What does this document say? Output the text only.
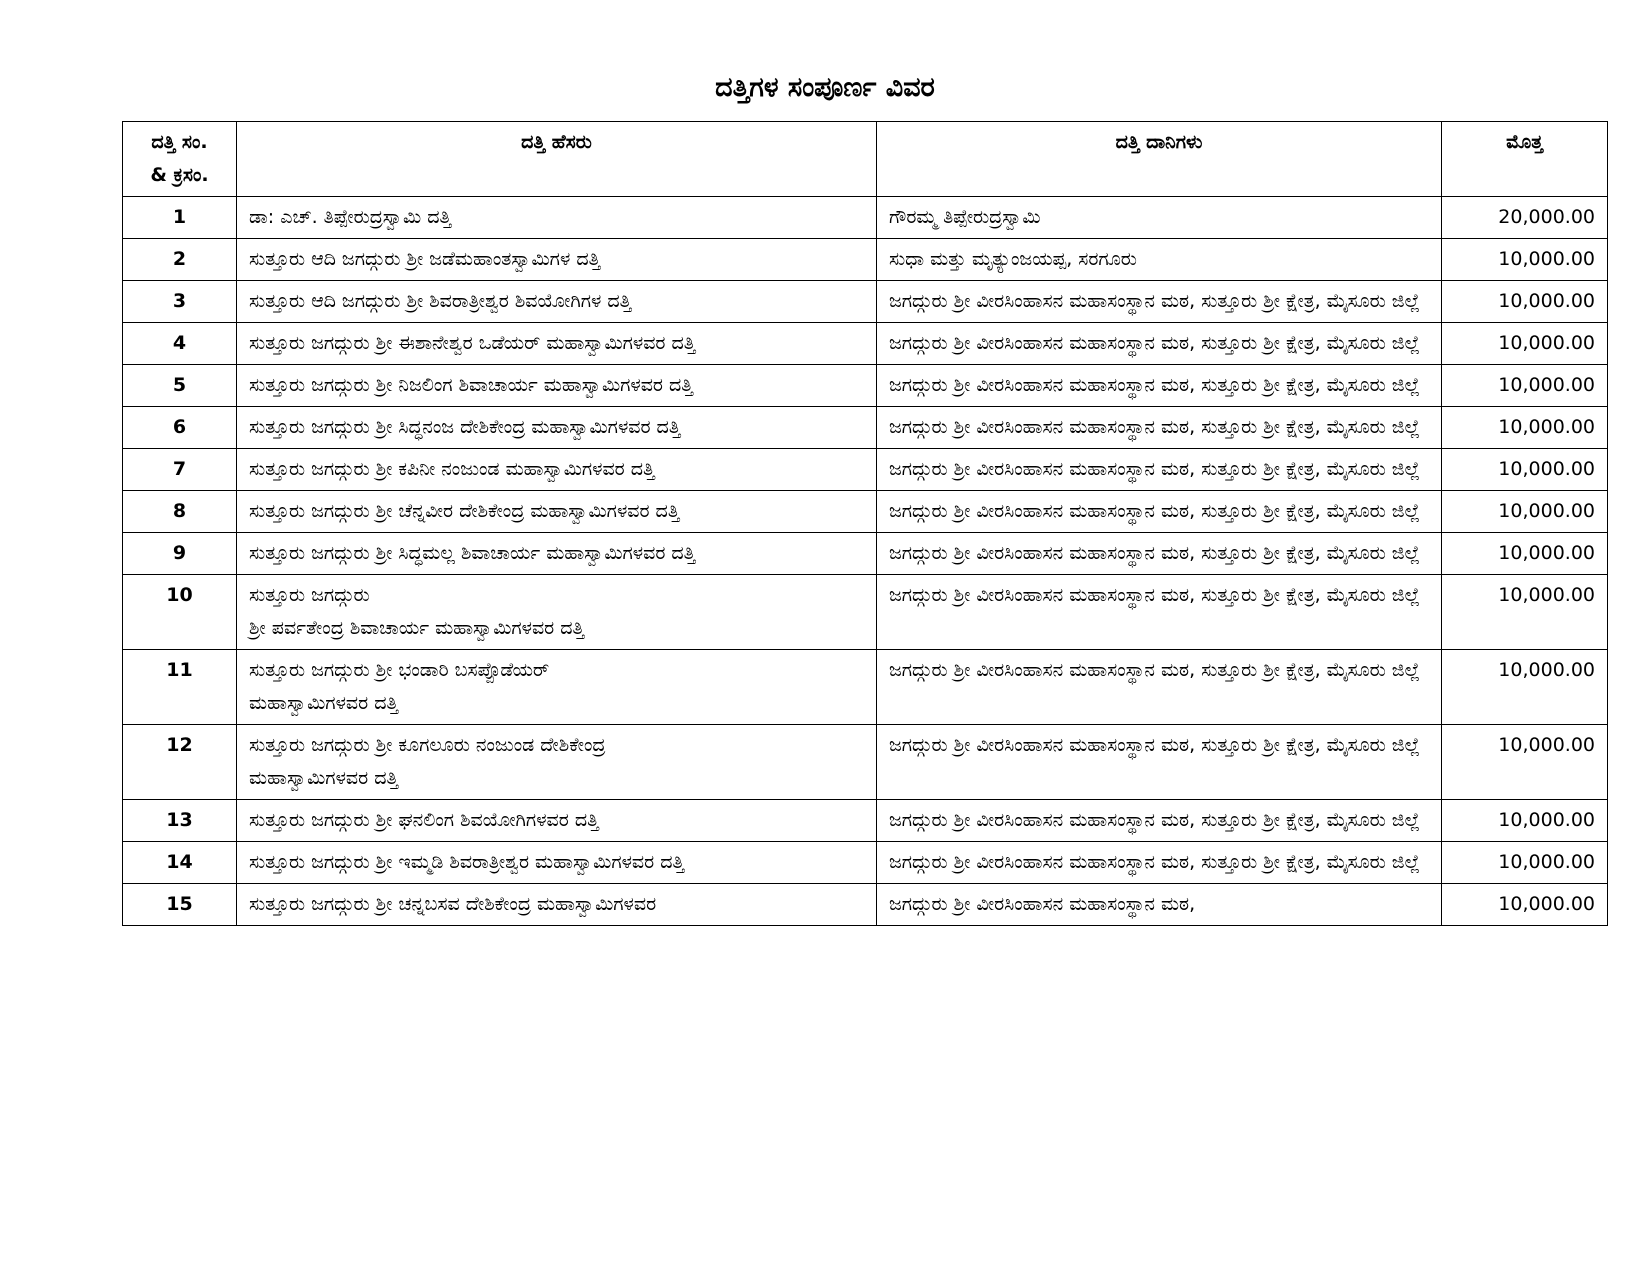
ದತ್ತಿಗಳ ಸಂಪೂರ್ಣ ವಿವರ
ದತ್ತಿ ಸಂ.
& ಕ್ರಸಂ.	ದತ್ತಿ ಹೆಸರು	ದತ್ತಿ ದಾನಿಗಳು	ಮೊತ್ತ
1	ಡಾ: ಎಚ್. ತಿಪ್ಪೇರುದ್ರಸ್ವಾಮಿ ದತ್ತಿ	ಗೌರಮ್ಮ ತಿಪ್ಪೇರುದ್ರಸ್ವಾಮಿ	20,000.00
2	ಸುತ್ತೂರು ಆದಿ ಜಗದ್ಗುರು ಶ್ರೀ ಜಡೆಮಹಾಂತಸ್ವಾಮಿಗಳ ದತ್ತಿ	ಸುಧಾ ಮತ್ತು ಮೃತ್ಯುಂಜಯಪ್ಪ, ಸರಗೂರು	10,000.00
3	ಸುತ್ತೂರು ಆದಿ ಜಗದ್ಗುರು ಶ್ರೀ ಶಿವರಾತ್ರೀಶ್ವರ ಶಿವಯೋಗಿಗಳ ದತ್ತಿ	ಜಗದ್ಗುರು ಶ್ರೀ ವೀರಸಿಂಹಾಸನ ಮಹಾಸಂಸ್ಥಾನ ಮಠ, ಸುತ್ತೂರು ಶ್ರೀ ಕ್ಷೇತ್ರ, ಮೈಸೂರು ಜಿಲ್ಲೆ	10,000.00
4	ಸುತ್ತೂರು ಜಗದ್ಗುರು ಶ್ರೀ ಈಶಾನೇಶ್ವರ ಒಡೆಯರ್ ಮಹಾಸ್ವಾಮಿಗಳವರ ದತ್ತಿ	ಜಗದ್ಗುರು ಶ್ರೀ ವೀರಸಿಂಹಾಸನ ಮಹಾಸಂಸ್ಥಾನ ಮಠ, ಸುತ್ತೂರು ಶ್ರೀ ಕ್ಷೇತ್ರ, ಮೈಸೂರು ಜಿಲ್ಲೆ	10,000.00
5	ಸುತ್ತೂರು ಜಗದ್ಗುರು ಶ್ರೀ ನಿಜಲಿಂಗ ಶಿವಾಚಾರ್ಯ ಮಹಾಸ್ವಾಮಿಗಳವರ ದತ್ತಿ	ಜಗದ್ಗುರು ಶ್ರೀ ವೀರಸಿಂಹಾಸನ ಮಹಾಸಂಸ್ಥಾನ ಮಠ, ಸುತ್ತೂರು ಶ್ರೀ ಕ್ಷೇತ್ರ, ಮೈಸೂರು ಜಿಲ್ಲೆ	10,000.00
6	ಸುತ್ತೂರು ಜಗದ್ಗುರು ಶ್ರೀ ಸಿದ್ಧನಂಜ ದೇಶಿಕೇಂದ್ರ ಮಹಾಸ್ವಾಮಿಗಳವರ ದತ್ತಿ	ಜಗದ್ಗುರು ಶ್ರೀ ವೀರಸಿಂಹಾಸನ ಮಹಾಸಂಸ್ಥಾನ ಮಠ, ಸುತ್ತೂರು ಶ್ರೀ ಕ್ಷೇತ್ರ, ಮೈಸೂರು ಜಿಲ್ಲೆ	10,000.00
7	ಸುತ್ತೂರು ಜಗದ್ಗುರು ಶ್ರೀ ಕಪಿನೀ ನಂಜುಂಡ ಮಹಾಸ್ವಾಮಿಗಳವರ ದತ್ತಿ	ಜಗದ್ಗುರು ಶ್ರೀ ವೀರಸಿಂಹಾಸನ ಮಹಾಸಂಸ್ಥಾನ ಮಠ, ಸುತ್ತೂರು ಶ್ರೀ ಕ್ಷೇತ್ರ, ಮೈಸೂರು ಜಿಲ್ಲೆ	10,000.00
8	ಸುತ್ತೂರು ಜಗದ್ಗುರು ಶ್ರೀ ಚೆನ್ನವೀರ ದೇಶಿಕೇಂದ್ರ ಮಹಾಸ್ವಾಮಿಗಳವರ ದತ್ತಿ	ಜಗದ್ಗುರು ಶ್ರೀ ವೀರಸಿಂಹಾಸನ ಮಹಾಸಂಸ್ಥಾನ ಮಠ, ಸುತ್ತೂರು ಶ್ರೀ ಕ್ಷೇತ್ರ, ಮೈಸೂರು ಜಿಲ್ಲೆ	10,000.00
9	ಸುತ್ತೂರು ಜಗದ್ಗುರು ಶ್ರೀ ಸಿದ್ಧಮಲ್ಲ ಶಿವಾಚಾರ್ಯ ಮಹಾಸ್ವಾಮಿಗಳವರ ದತ್ತಿ	ಜಗದ್ಗುರು ಶ್ರೀ ವೀರಸಿಂಹಾಸನ ಮಹಾಸಂಸ್ಥಾನ ಮಠ, ಸುತ್ತೂರು ಶ್ರೀ ಕ್ಷೇತ್ರ, ಮೈಸೂರು ಜಿಲ್ಲೆ	10,000.00
10	ಸುತ್ತೂರು ಜಗದ್ಗುರು
ಶ್ರೀ ಪರ್ವತೇಂದ್ರ ಶಿವಾಚಾರ್ಯ ಮಹಾಸ್ವಾಮಿಗಳವರ ದತ್ತಿ	ಜಗದ್ಗುರು ಶ್ರೀ ವೀರಸಿಂಹಾಸನ ಮಹಾಸಂಸ್ಥಾನ ಮಠ, ಸುತ್ತೂರು ಶ್ರೀ ಕ್ಷೇತ್ರ, ಮೈಸೂರು ಜಿಲ್ಲೆ	10,000.00
11	ಸುತ್ತೂರು ಜಗದ್ಗುರು ಶ್ರೀ ಭಂಡಾರಿ ಬಸಪ್ಪೊಡೆಯರ್
ಮಹಾಸ್ವಾಮಿಗಳವರ ದತ್ತಿ	ಜಗದ್ಗುರು ಶ್ರೀ ವೀರಸಿಂಹಾಸನ ಮಹಾಸಂಸ್ಥಾನ ಮಠ, ಸುತ್ತೂರು ಶ್ರೀ ಕ್ಷೇತ್ರ, ಮೈಸೂರು ಜಿಲ್ಲೆ	10,000.00
12	ಸುತ್ತೂರು ಜಗದ್ಗುರು ಶ್ರೀ ಕೂಗಲೂರು ನಂಜುಂಡ ದೇಶಿಕೇಂದ್ರ
ಮಹಾಸ್ವಾಮಿಗಳವರ ದತ್ತಿ	ಜಗದ್ಗುರು ಶ್ರೀ ವೀರಸಿಂಹಾಸನ ಮಹಾಸಂಸ್ಥಾನ ಮಠ, ಸುತ್ತೂರು ಶ್ರೀ ಕ್ಷೇತ್ರ, ಮೈಸೂರು ಜಿಲ್ಲೆ	10,000.00
13	ಸುತ್ತೂರು ಜಗದ್ಗುರು ಶ್ರೀ ಘನಲಿಂಗ ಶಿವಯೋಗಿಗಳವರ ದತ್ತಿ	ಜಗದ್ಗುರು ಶ್ರೀ ವೀರಸಿಂಹಾಸನ ಮಹಾಸಂಸ್ಥಾನ ಮಠ, ಸುತ್ತೂರು ಶ್ರೀ ಕ್ಷೇತ್ರ, ಮೈಸೂರು ಜಿಲ್ಲೆ	10,000.00
14	ಸುತ್ತೂರು ಜಗದ್ಗುರು ಶ್ರೀ ಇಮ್ಮಡಿ ಶಿವರಾತ್ರೀಶ್ವರ ಮಹಾಸ್ವಾಮಿಗಳವರ ದತ್ತಿ	ಜಗದ್ಗುರು ಶ್ರೀ ವೀರಸಿಂಹಾಸನ ಮಹಾಸಂಸ್ಥಾನ ಮಠ, ಸುತ್ತೂರು ಶ್ರೀ ಕ್ಷೇತ್ರ, ಮೈಸೂರು ಜಿಲ್ಲೆ	10,000.00
15	ಸುತ್ತೂರು ಜಗದ್ಗುರು ಶ್ರೀ ಚನ್ನಬಸವ ದೇಶಿಕೇಂದ್ರ ಮಹಾಸ್ವಾಮಿಗಳವರ	ಜಗದ್ಗುರು ಶ್ರೀ ವೀರಸಿಂಹಾಸನ ಮಹಾಸಂಸ್ಥಾನ ಮಠ,	10,000.00
